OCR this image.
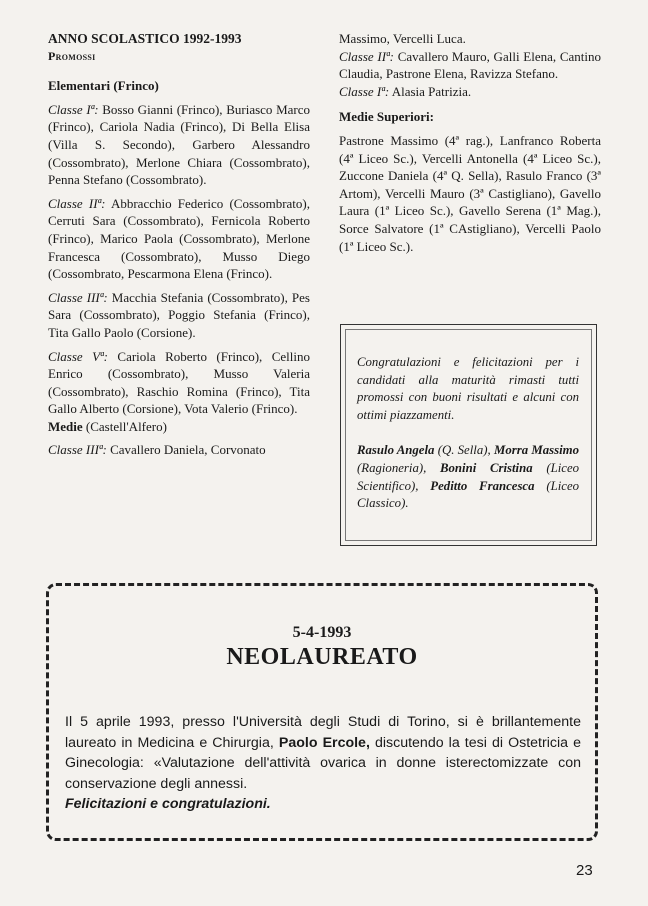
ANNO SCOLASTICO 1992-1993

Promossi

Elementari (Frinco)

Classe Iª: Bosso Gianni (Frinco), Buriasco Marco (Frinco), Cariola Nadia (Frinco), Di Bella Elisa (Villa S. Secondo), Garbero Alessandro (Cossombrato), Merlone Chiara (Cossombrato), Penna Stefano (Cossombrato).

Classe IIª: Abbracchio Federico (Cossombrato), Cerruti Sara (Cossombrato), Fernicola Roberto (Frinco), Marico Paola (Cossombrato), Merlone Francesca (Cossombrato), Musso Diego (Cossombrato, Pescarmona Elena (Frinco).

Classe IIIª: Macchia Stefania (Cossombrato), Pes Sara (Cossombrato), Poggio Stefania (Frinco), Tita Gallo Paolo (Corsione).

Classe Vª: Cariola Roberto (Frinco), Cellino Enrico (Cossombrato), Musso Valeria (Cossombrato), Raschio Romina (Frinco), Tita Gallo Alberto (Corsione), Vota Valerio (Frinco).

Medie (Castell'Alfero)

Classe IIIª: Cavallero Daniela, Corvonato

Massimo, Vercelli Luca.

Classe IIª: Cavallero Mauro, Galli Elena, Cantino Claudia, Pastrone Elena, Ravizza Stefano.

Classe Iª: Alasia Patrizia.

Medie Superiori:

Pastrone Massimo (4ª rag.), Lanfranco Roberta (4ª Liceo Sc.), Vercelli Antonella (4ª Liceo Sc.), Zuccone Daniela (4ª Q. Sella), Rasulo Franco (3ª Artom), Vercelli Mauro (3ª Castigliano), Gavello Laura (1ª Liceo Sc.), Gavello Serena (1ª Mag.), Sorce Salvatore (1ª CAstigliano), Vercelli Paolo (1ª Liceo Sc.).

Congratulazioni e felicitazioni per i candidati alla maturità rimasti tutti promossi con buoni risultati e alcuni con ottimi piazzamenti.

Rasulo Angela (Q. Sella), Morra Massimo (Ragioneria), Bonini Cristina (Liceo Scientifico), Peditto Francesca (Liceo Classico).

5-4-1993
NEOLAUREATO
Il 5 aprile 1993, presso l'Università degli Studi di Torino, si è brillantemente laureato in Medicina e Chirurgia, Paolo Ercole, discutendo la tesi di Ostetricia e Ginecologia: «Valutazione dell'attività ovarica in donne isterectomizzate con conservazione degli annessi.
Felicitazioni e congratulazioni.
23
